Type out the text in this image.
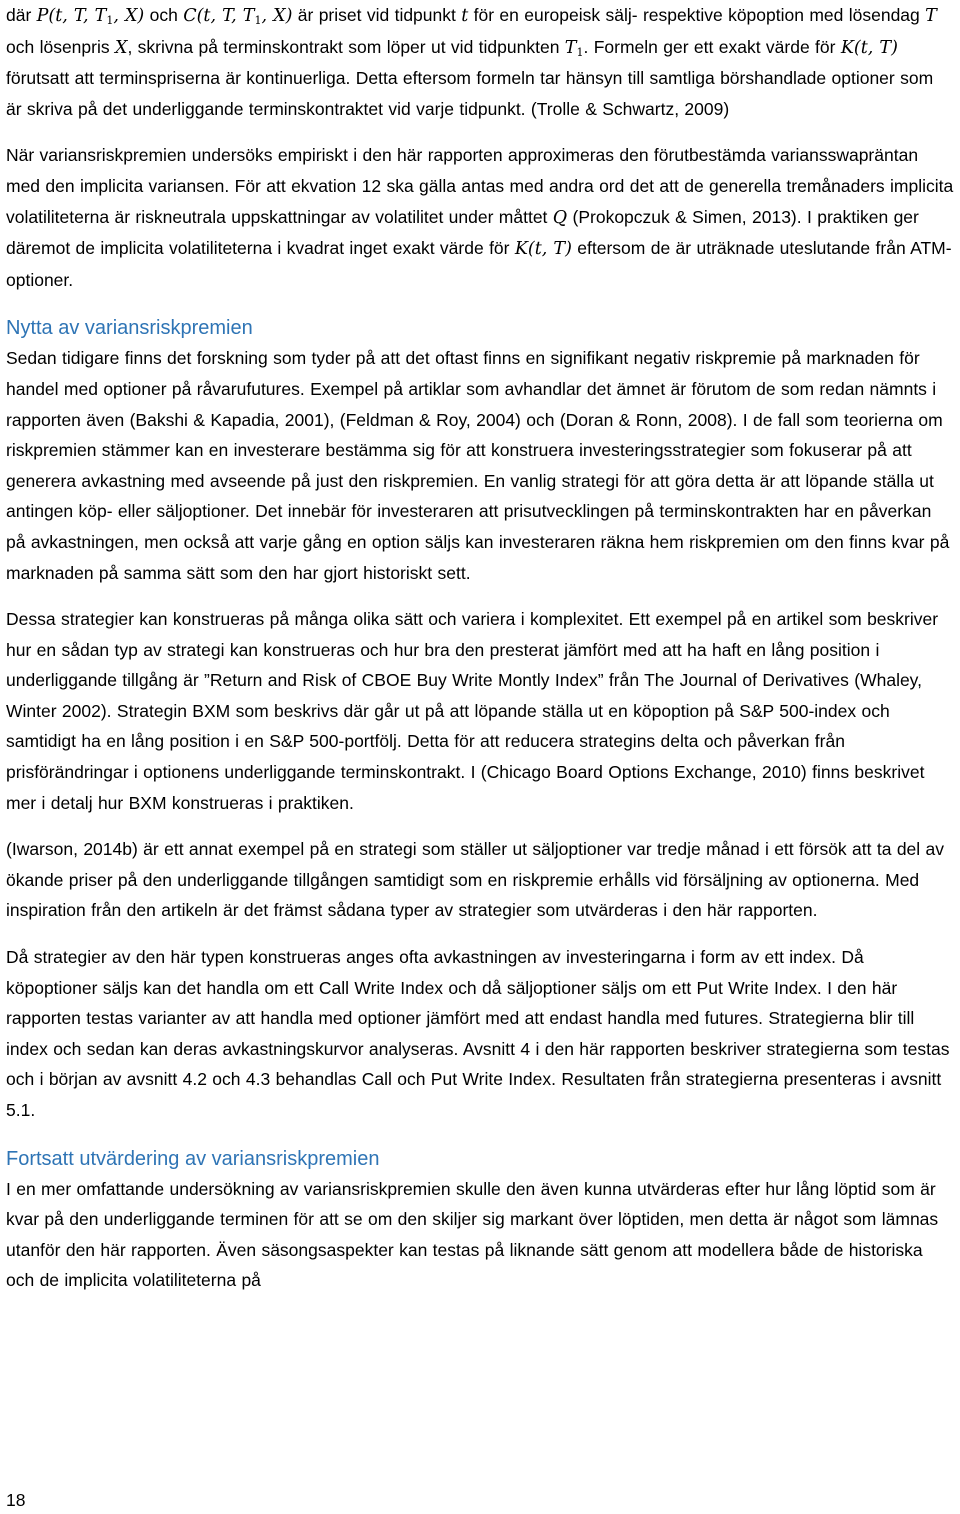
där P(t, T, $T_1$, X) och C(t, T, $T_1$, X) är priset vid tidpunkt t för en europeisk sälj- respektive köpoption med lösendag T och lösenpris X, skrivna på terminskontrakt som löper ut vid tidpunkten $T_1$. Formeln ger ett exakt värde för K(t, T) förutsatt att terminspriserna är kontinuerliga. Detta eftersom formeln tar hänsyn till samtliga börshandlade optioner som är skriva på det underliggande terminskontraktet vid varje tidpunkt. (Trolle & Schwartz, 2009)

När variansriskpremien undersöks empiriskt i den här rapporten approximeras den förutbestämda variansswapräntan med den implicita variansen. För att ekvation 12 ska gälla antas med andra ord det att de generella tremånaders implicita volatiliteterna är riskneutrala uppskattningar av volatilitet under måttet Q (Prokopczuk & Simen, 2013). I praktiken ger däremot de implicita volatiliteterna i kvadrat inget exakt värde för K(t, T) eftersom de är uträknade uteslutande från ATM-optioner.

Nytta av variansriskpremien

Sedan tidigare finns det forskning som tyder på att det oftast finns en signifikant negativ riskpremie på marknaden för handel med optioner på råvarufutures. Exempel på artiklar som avhandlar det ämnet är förutom de som redan nämnts i rapporten även (Bakshi & Kapadia, 2001), (Feldman & Roy, 2004) och (Doran & Ronn, 2008). I de fall som teorierna om riskpremien stämmer kan en investerare bestämma sig för att konstruera investeringsstrategier som fokuserar på att generera avkastning med avseende på just den riskpremien. En vanlig strategi för att göra detta är att löpande ställa ut antingen köp- eller säljoptioner. Det innebär för investeraren att prisutvecklingen på terminskontrakten har en påverkan på avkastningen, men också att varje gång en option säljs kan investeraren räkna hem riskpremien om den finns kvar på marknaden på samma sätt som den har gjort historiskt sett.

Dessa strategier kan konstrueras på många olika sätt och variera i komplexitet. Ett exempel på en artikel som beskriver hur en sådan typ av strategi kan konstrueras och hur bra den presterat jämfört med att ha haft en lång position i underliggande tillgång är ”Return and Risk of CBOE Buy Write Montly Index” från The Journal of Derivatives (Whaley, Winter 2002). Strategin BXM som beskrivs där går ut på att löpande ställa ut en köpoption på S&P 500-index och samtidigt ha en lång position i en S&P 500-portfölj. Detta för att reducera strategins delta och påverkan från prisförändringar i optionens underliggande terminskontrakt. I (Chicago Board Options Exchange, 2010) finns beskrivet mer i detalj hur BXM konstrueras i praktiken.

(Iwarson, 2014b) är ett annat exempel på en strategi som ställer ut säljoptioner var tredje månad i ett försök att ta del av ökande priser på den underliggande tillgången samtidigt som en riskpremie erhålls vid försäljning av optionerna. Med inspiration från den artikeln är det främst sådana typer av strategier som utvärderas i den här rapporten.

Då strategier av den här typen konstrueras anges ofta avkastningen av investeringarna i form av ett index. Då köpoptioner säljs kan det handla om ett Call Write Index och då säljoptioner säljs om ett Put Write Index. I den här rapporten testas varianter av att handla med optioner jämfört med att endast handla med futures. Strategierna blir till index och sedan kan deras avkastningskurvor analyseras. Avsnitt 4 i den här rapporten beskriver strategierna som testas och i början av avsnitt 4.2 och 4.3 behandlas Call och Put Write Index. Resultaten från strategierna presenteras i avsnitt 5.1.

Fortsatt utvärdering av variansriskpremien

I en mer omfattande undersökning av variansriskpremien skulle den även kunna utvärderas efter hur lång löptid som är kvar på den underliggande terminen för att se om den skiljer sig markant över löptiden, men detta är något som lämnas utanför den här rapporten. Även säsongsaspekter kan testas på liknande sätt genom att modellera både de historiska och de implicita volatiliteterna på

18
